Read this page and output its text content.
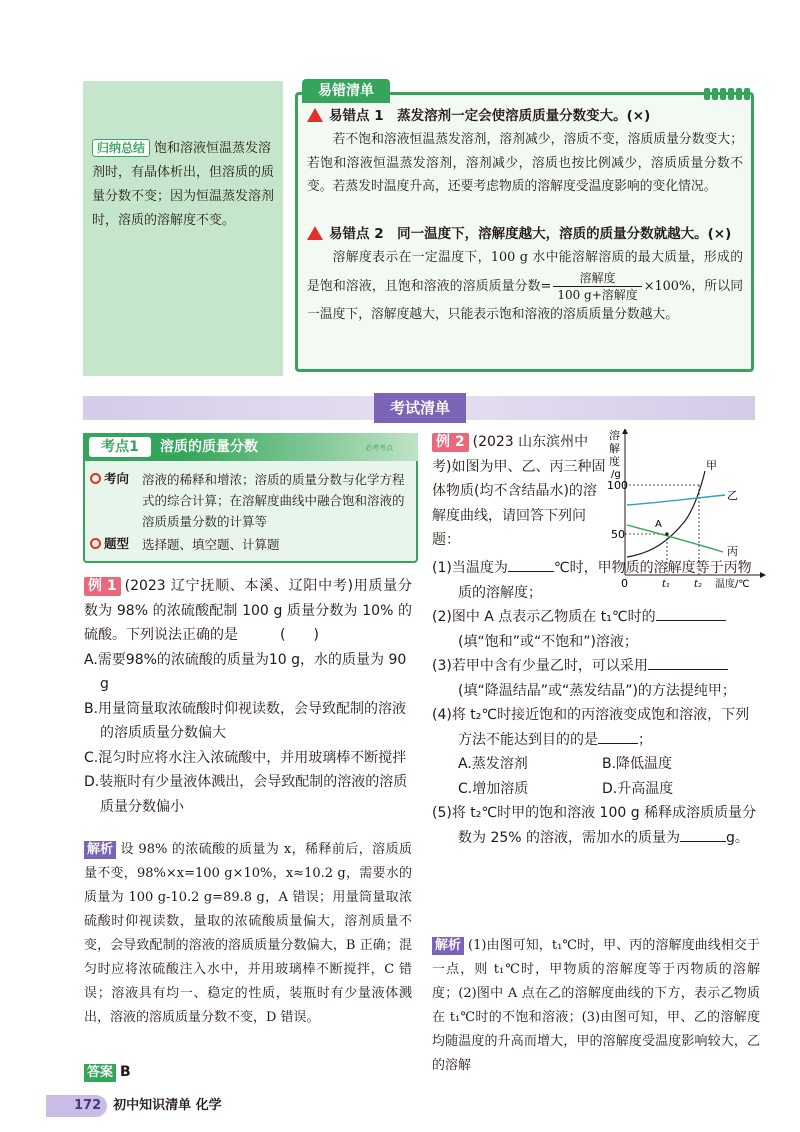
归纳总结 饱和溶液恒温蒸发溶剂时，有晶体析出，但溶质的质量分数不变；因为恒温蒸发溶剂时，溶质的溶解度不变。
易错清单
易错点 1　蒸发溶剂一定会使溶质质量分数变大。(×)
若不饱和溶液恒温蒸发溶剂，溶剂减少，溶质不变，溶质质量分数变大；若饱和溶液恒温蒸发溶剂，溶剂减少，溶质也按比例减少，溶质质量分数不变。若蒸发时温度升高，还要考虑物质的溶解度受温度影响的变化情况。
易错点 2　同一温度下，溶解度越大，溶质的质量分数就越大。(×)
溶解度表示在一定温度下，100 g 水中能溶解溶质的最大质量，形成的是饱和溶液，且饱和溶液的溶质质量分数=
溶解度
100 g+溶解度
×100%，所以同一温度下，溶解度越大，只能表示饱和溶液的溶质质量分数越大。
考试清单
考点1	溶质的质量分数	必考考点
考向	溶液的稀释和增浓；溶质的质量分数与化学方程式的综合计算；在溶解度曲线中融合饱和溶液的溶质质量分数的计算等
题型	选择题、填空题、计算题
例 1 (2023 辽宁抚顺、本溪、辽阳中考)用质量分数为 98% 的浓硫酸配制 100 g 质量分数为 10% 的硫酸。下列说法正确的是　　　(　　)
A.需要98%的浓硫酸的质量为10 g，水的质量为 90 g
B.用量筒量取浓硫酸时仰视读数，会导致配制的溶液的溶质质量分数偏大
C.混匀时应将水注入浓硫酸中，并用玻璃棒不断搅拌
D.装瓶时有少量液体溅出，会导致配制的溶液的溶质质量分数偏小
解析 设 98% 的浓硫酸的质量为 x，稀释前后，溶质质量不变，98%×x=100 g×10%，x≈10.2 g，需要水的质量为 100 g-10.2 g=89.8 g，A 错误；用量筒量取浓硫酸时仰视读数，量取的浓硫酸质量偏大，溶剂质量不变，会导致配制的溶液的溶质质量分数偏大，B 正确；混匀时应将浓硫酸注入水中，并用玻璃棒不断搅拌，C 错误；溶液具有均一、稳定的性质，装瓶时有少量液体溅出，溶液的溶质质量分数不变，D 错误。
答案 B
例 2 (2023 山东滨州中考)如图为甲、乙、丙三种固体物质(均不含结晶水)的溶解度曲线，请回答下列问题：
溶
解
度
/g
100
50
0	t₁ t₂ 温度/℃
甲
乙
丙
A
(1)当温度为	℃时，甲物质的溶解度等于丙物质的溶解度；
(2)图中 A 点表示乙物质在 t₁℃时的(填“饱和”或“不饱和”)溶液；
(3)若甲中含有少量乙时，可以采用(填“降温结晶”或“蒸发结晶”)的方法提纯甲；
(4)将 t₂℃时接近饱和的丙溶液变成饱和溶液，下列方法不能达到目的的是	；
A.蒸发溶剂	B.降低温度
C.增加溶质	D.升高温度
(5)将 t₂℃时甲的饱和溶液 100 g 稀释成溶质质量分数为 25% 的溶液，需加水的质量为	g。
解析 (1)由图可知，t₁℃时，甲、丙的溶解度曲线相交于一点，则 t₁℃时，甲物质的溶解度等于丙物质的溶解度；(2)图中 A 点在乙的溶解度曲线的下方，表示乙物质在 t₁℃时的不饱和溶液；(3)由图可知，甲、乙的溶解度均随温度的升高而增大，甲的溶解度受温度影响较大，乙的溶解
172 初中知识清单 化学
